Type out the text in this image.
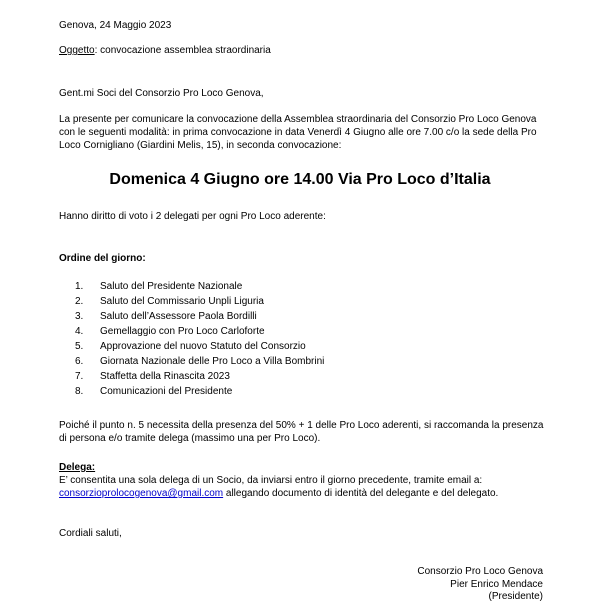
Genova, 24 Maggio 2023
Oggetto: convocazione assemblea straordinaria
Gent.mi Soci del Consorzio Pro Loco Genova,
La presente per comunicare la convocazione della Assemblea straordinaria del Consorzio Pro Loco Genova
con le seguenti modalità: in prima convocazione in data Venerdì 4 Giugno alle ore 7.00 c/o la sede della Pro
Loco Cornigliano (Giardini Melis, 15), in seconda convocazione:
Domenica 4 Giugno ore 14.00 Via Pro Loco d’Italia
Hanno diritto di voto i 2 delegati per ogni Pro Loco aderente:
Ordine del giorno:
1. Saluto del Presidente Nazionale
2. Saluto del Commissario Unpli Liguria
3. Saluto dell’Assessore Paola Bordilli
4. Gemellaggio con Pro Loco Carloforte
5. Approvazione del nuovo Statuto del Consorzio
6. Giornata Nazionale delle Pro Loco a Villa Bombrini
7. Staffetta della Rinascita 2023
8. Comunicazioni del Presidente
Poiché il punto n. 5 necessita della presenza del 50% + 1 delle Pro Loco aderenti, si raccomanda la presenza
di persona e/o tramite delega (massimo una per Pro Loco).
Delega:
E’ consentita una sola delega di un Socio, da inviarsi entro il giorno precedente, tramite email a:
consorzioprolocogenova@gmail.com allegando documento di identità del delegante e del delegato.
Cordiali saluti,
Consorzio Pro Loco Genova
Pier Enrico Mendace
(Presidente)
